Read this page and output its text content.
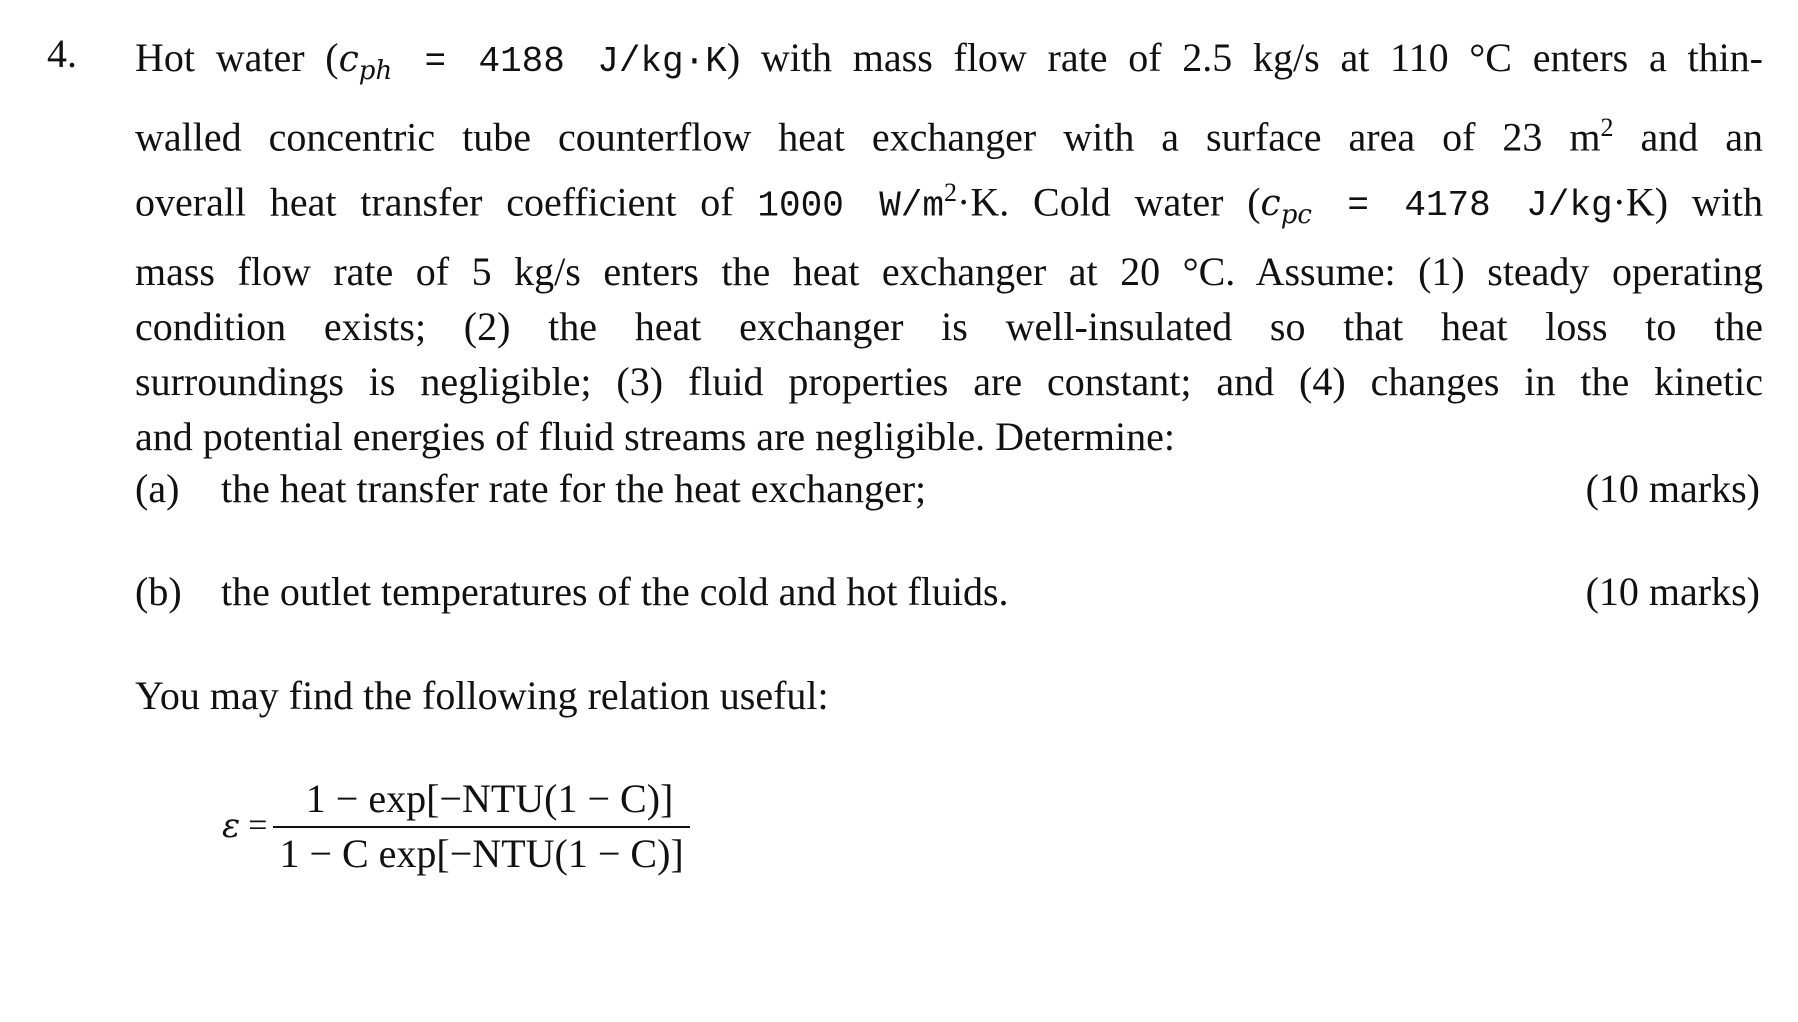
4. Hot water ($c_{ph} = 4188$ J/kg·K) with mass flow rate of 2.5 kg/s at 110 °C enters a thin-
walled concentric tube counterflow heat exchanger with a surface area of 23 $m^2$ and an
overall heat transfer coefficient of 1000 $W/m^2\cdot K$. Cold water ($c_{pc} = 4178$ J/kg·K) with
mass flow rate of 5 kg/s enters the heat exchanger at 20 °C. Assume: (1) steady operating
condition exists; (2) the heat exchanger is well-insulated so that heat loss to the
surroundings is negligible; (3) fluid properties are constant; and (4) changes in the kinetic
and potential energies of fluid streams are negligible. Determine:
(a)	the heat transfer rate for the heat exchanger;	(10 marks)
(b) the outlet temperatures of the cold and hot fluids.	(10 marks)
You may find the following relation useful:
$\varepsilon = \frac{\text{1 − exp[−NTU(1 − C)]}}{\text{1 − C exp[−NTU(1 − C)]}}$
